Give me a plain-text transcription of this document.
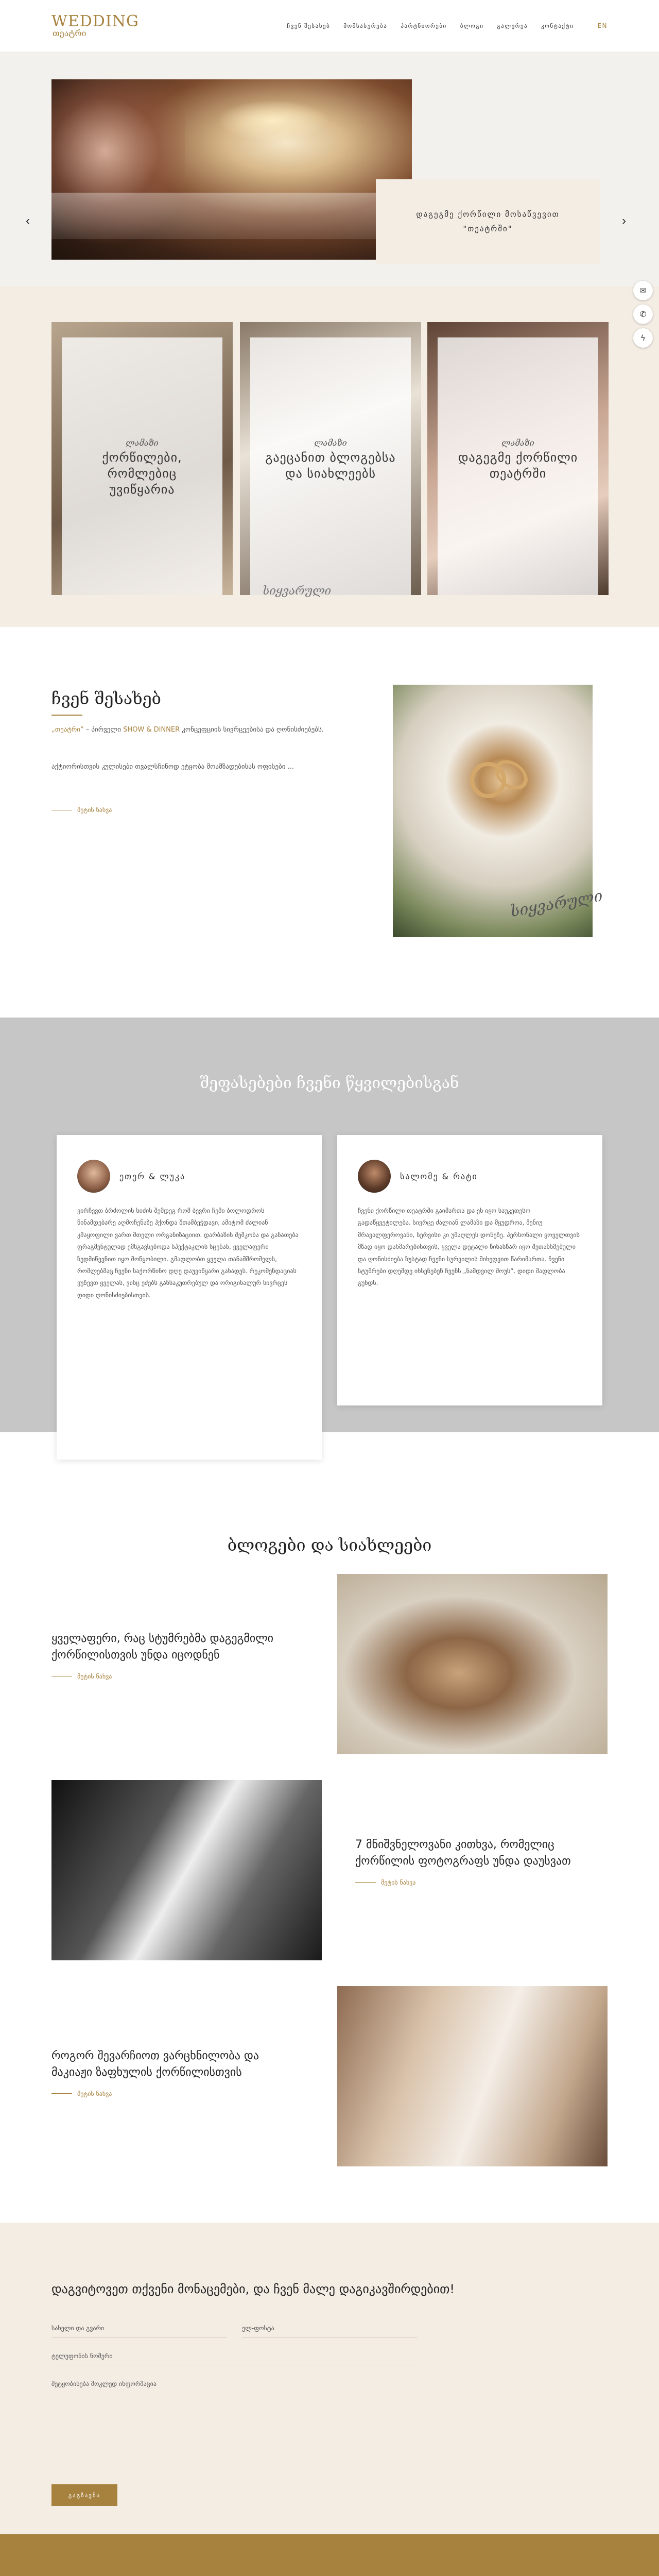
WEDDING
თეატრი
ჩვენ შესახებ მომსახურება პარტნიორები ბლოგი გალერეა კონტაქტი	EN
დაგეგმე ქორწილი მოსაწვევით
"თეატრში"
‹	›
✉
✆
ϟ
ლამაზი
ქორწილები,
რომლებიც
უვიწყარია
ლამაზი
გაეცანით ბლოგებსა
და სიახლეებს
ლამაზი
დაგეგმე ქორწილი
თეატრში
სიყვარული
ჩვენ შესახებ

„თეატრი“ – პირველი SHOW & DINNER კონცეფციის სივრცეებისა და ღონისძიებებს.

აქტიორისთვის კულისები თვალსჩინოდ ეტყობა მოამზადებისას ოფისები ...

მეტის ნახვა
სიყვარული
შეფასებები ჩვენი წყვილებისგან
ეთერ & ლუკა

ვირჩევთ ბრძოლის სიძის შემდეგ რომ ბევრი ჩემი ბოლოდროს წინამდებარე აღმოჩენაზე ჰქონდა შთამბეჭდავი, ამიტომ ძალიან კმაყოფილი ვართ მთელი ორგანიზაციით. დარბაზის შემკობა და განათება ფრაგმენტულად ემსგავსებოდა სპექტაკლის სცენას, ყველაფერი ზედმიწევნით იყო მოწყობილი. გმადლობთ ყველა თანამშრომელს, რომლებმაც ჩვენი საქორწინო დღე დაუვიწყარი გახადეს. რეკომენდაციას ვუწევთ ყველას, ვინც ეძებს განსაკუთრებულ და ორიგინალურ სივრცეს დიდი ღონისძიებისთვის.

სალომე & რატი

ჩვენი ქორწილი თეატრში გაიმართა და ეს იყო საუკეთესო გადაწყვეტილება. სივრცე ძალიან ლამაზი და მყუდროა, მენიუ მრავალფეროვანი, სერვისი კი უმაღლეს დონეზე. პერსონალი ყოველთვის მზად იყო დახმარებისთვის, ყველა დეტალი წინასწარ იყო შეთანხმებული და ღონისძიება ზუსტად ჩვენი სურვილის მიხედვით წარიმართა. ჩვენი სტუმრები დღემდე იხსენებენ ჩვენს „ნამდვილ შოუს“. დიდი მადლობა გუნდს.

ბლოგები და სიახლეები

ყველაფერი, რაც სტუმრებმა დაგეგმილი ქორწილისთვის უნდა იცოდნენ

მეტის ნახვა

7 მნიშვნელოვანი კითხვა, რომელიც ქორწილის ფოტოგრაფს უნდა დაუსვათ

მეტის ნახვა

როგორ შევარჩიოთ ვარცხნილობა და მაკიაჟი ზაფხულის ქორწილისთვის

მეტის ნახვა
დაგვიტოვეთ თქვენი მონაცემები, და ჩვენ მალე დაგიკავშირდებით!
სახელი და გვარი	ელ-ფოსტა
ტელეფონის ნომერი
შეტყობინება მოკლედ ინფორმაცია
გაგზავნა
